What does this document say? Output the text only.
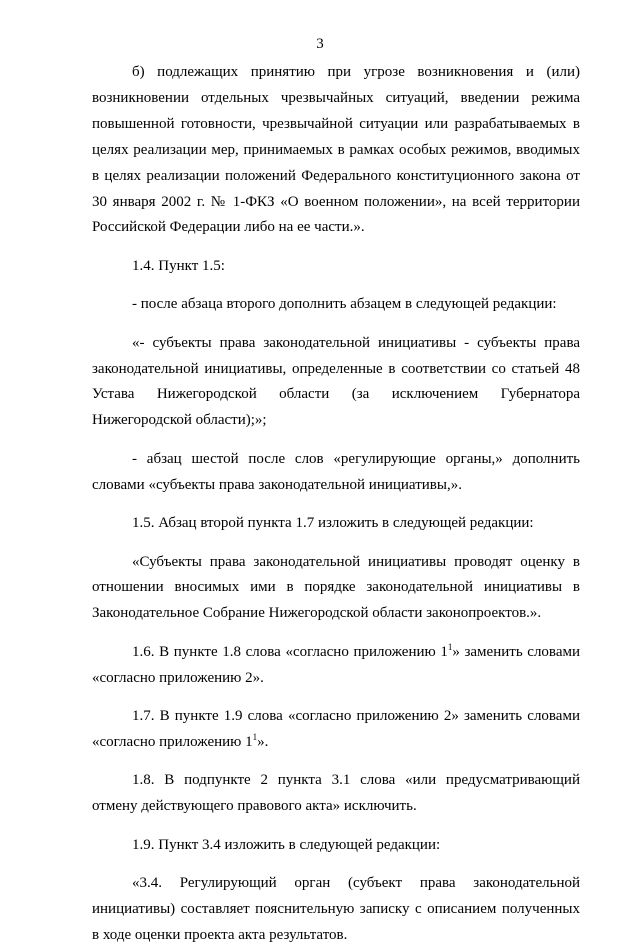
3

б) подлежащих принятию при угрозе возникновения и (или) возникновении отдельных чрезвычайных ситуаций, введении режима повышенной готовности, чрезвычайной ситуации или разрабатываемых в целях реализации мер, принимаемых в рамках особых режимов, вводимых в целях реализации положений Федерального конституционного закона от 30 января 2002 г. № 1-ФКЗ «О военном положении», на всей территории Российской Федерации либо на ее части.».

1.4. Пункт 1.5:

- после абзаца второго дополнить абзацем в следующей редакции:

«- субъекты права законодательной инициативы - субъекты права законодательной инициативы, определенные в соответствии со статьей 48 Устава Нижегородской области (за исключением Губернатора Нижегородской области);»;

- абзац шестой после слов «регулирующие органы,» дополнить словами «субъекты права законодательной инициативы,».

1.5. Абзац второй пункта 1.7 изложить в следующей редакции:

«Субъекты права законодательной инициативы проводят оценку в отношении вносимых ими в порядке законодательной инициативы в Законодательное Собрание Нижегородской области законопроектов.».

1.6. В пункте 1.8 слова «согласно приложению $1^1$» заменить словами «согласно приложению 2».

1.7. В пункте 1.9 слова «согласно приложению 2» заменить словами «согласно приложению $1^1$».

1.8. В подпункте 2 пункта 3.1 слова «или предусматривающий отмену действующего правового акта» исключить.

1.9. Пункт 3.4 изложить в следующей редакции:

«3.4. Регулирующий орган (субъект права законодательной инициативы) составляет пояснительную записку с описанием полученных в ходе оценки проекта акта результатов.
